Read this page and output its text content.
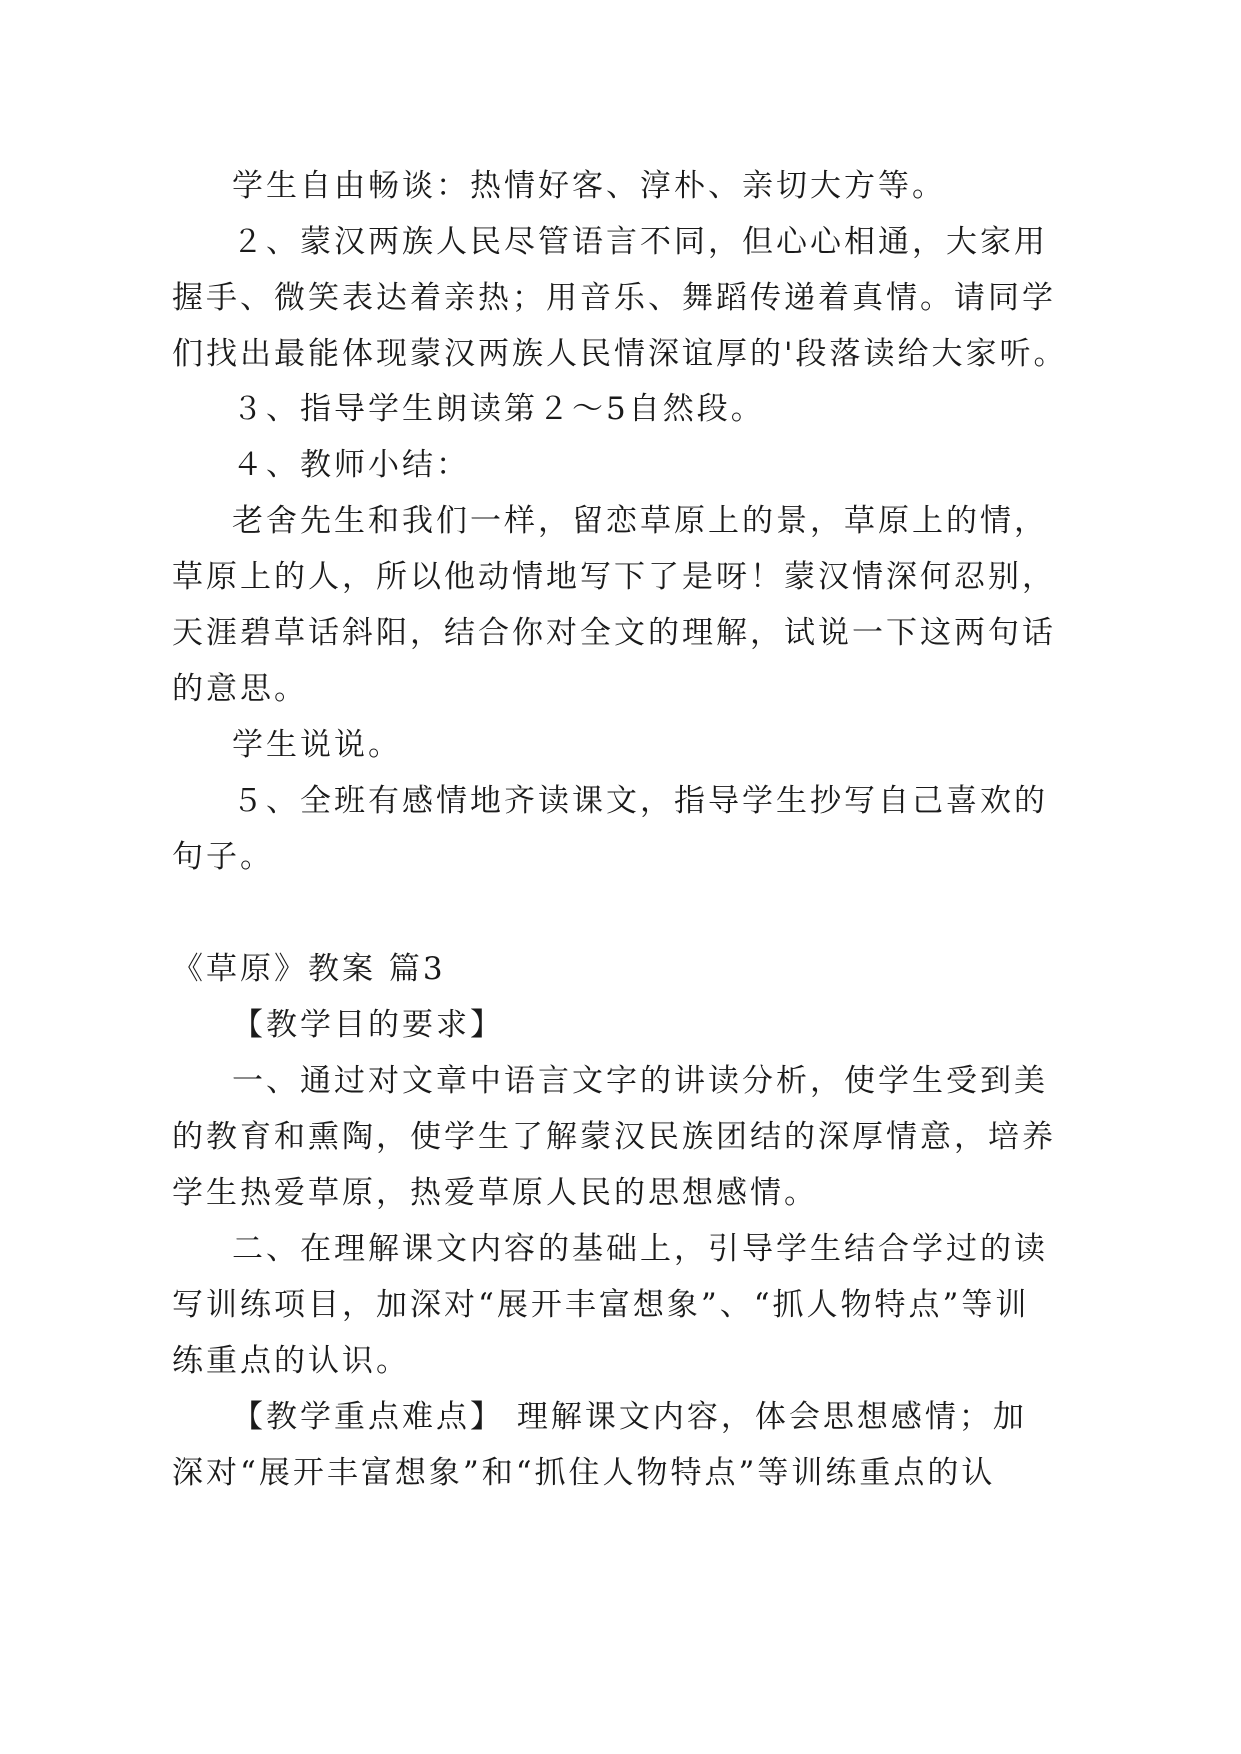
学生自由畅谈：热情好客、淳朴、亲切大方等。
２、蒙汉两族人民尽管语言不同，但心心相通，大家用
握手、微笑表达着亲热；用音乐、舞蹈传递着真情。请同学
们找出最能体现蒙汉两族人民情深谊厚的'段落读给大家听。
３、指导学生朗读第２～5自然段。
４、教师小结：
老舍先生和我们一样，留恋草原上的景，草原上的情，
草原上的人，所以他动情地写下了是呀！蒙汉情深何忍别，
天涯碧草话斜阳，结合你对全文的理解，试说一下这两句话
的意思。
学生说说。
５、全班有感情地齐读课文，指导学生抄写自己喜欢的
句子。
《草原》教案 篇3
【教学目的要求】
一、通过对文章中语言文字的讲读分析，使学生受到美
的教育和熏陶，使学生了解蒙汉民族团结的深厚情意，培养
学生热爱草原，热爱草原人民的思想感情。
二、在理解课文内容的基础上，引导学生结合学过的读
写训练项目，加深对“展开丰富想象”、“抓人物特点”等训
练重点的认识。
【教学重点难点】 理解课文内容，体会思想感情；加
深对“展开丰富想象”和“抓住人物特点”等训练重点的认
